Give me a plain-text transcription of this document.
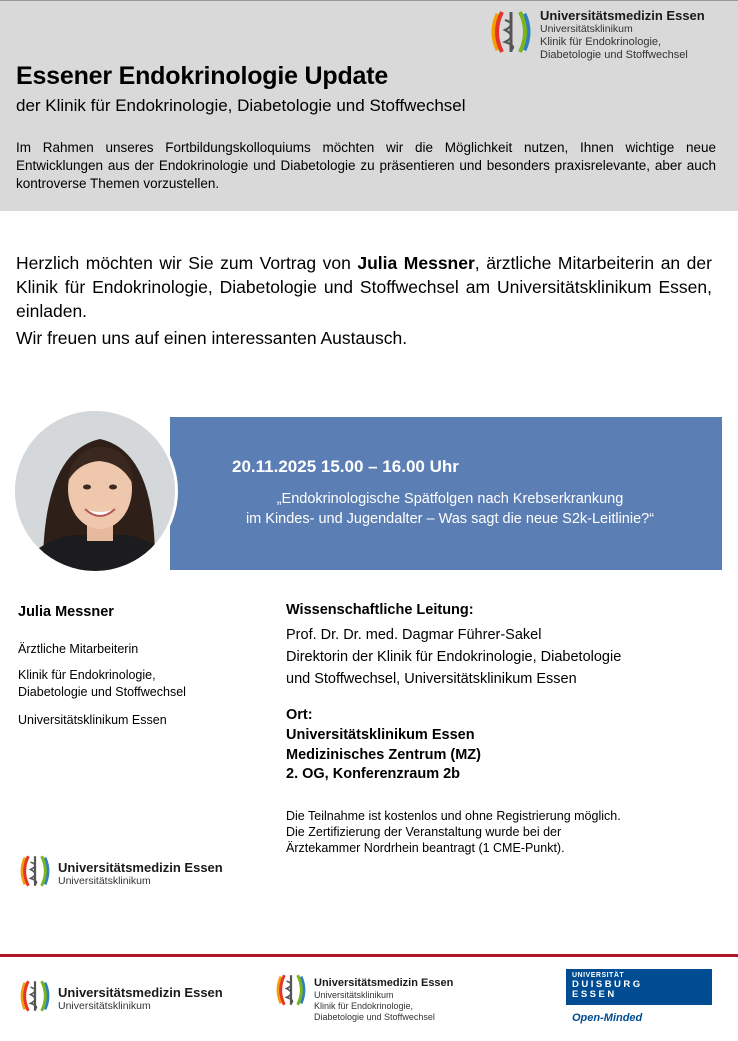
Universitätsmedizin Essen
Universitätsklinikum
Klinik für Endokrinologie,
Diabetologie und Stoffwechsel
Essener Endokrinologie Update
der Klinik für Endokrinologie, Diabetologie und Stoffwechsel

Im Rahmen unseres Fortbildungskolloquiums möchten wir die Möglichkeit nutzen, Ihnen wichtige neue Entwicklungen aus der Endokrinologie und Diabetologie zu präsentieren und besonders praxisrelevante, aber auch kontroverse Themen vorzustellen.

Herzlich möchten wir Sie zum Vortrag von Julia Messner, ärztliche Mitarbeiterin an der Klinik für Endokrinologie, Diabetologie und Stoffwechsel am Universitätsklinikum Essen, einladen.

Wir freuen uns auf einen interessanten Austausch.

20.11.2025 15.00 – 16.00 Uhr
„Endokrinologische Spätfolgen nach Krebserkrankung
im Kindes- und Jugendalter – Was sagt die neue S2k-Leitlinie?“
Julia Messner
Ärztliche Mitarbeiterin
Klinik für Endokrinologie,
Diabetologie und Stoffwechsel
Universitätsklinikum Essen
Wissenschaftliche Leitung:
Prof. Dr. Dr. med. Dagmar Führer-Sakel
Direktorin der Klinik für Endokrinologie, Diabetologie
und Stoffwechsel, Universitätsklinikum Essen
Ort:
Universitätsklinikum Essen
Medizinisches Zentrum (MZ)
2. OG, Konferenzraum 2b
Die Teilnahme ist kostenlos und ohne Registrierung möglich.
Die Zertifizierung der Veranstaltung wurde bei der
Ärztekammer Nordrhein beantragt (1 CME-Punkt).
Universitätsmedizin Essen
Universitätsklinikum
Universitätsmedizin Essen
Universitätsklinikum
Universitätsmedizin Essen
Universitätsklinikum
Klinik für Endokrinologie,
Diabetologie und Stoffwechsel
UNIVERSITÄT
DUISBURG
ESSEN
Open-Minded
